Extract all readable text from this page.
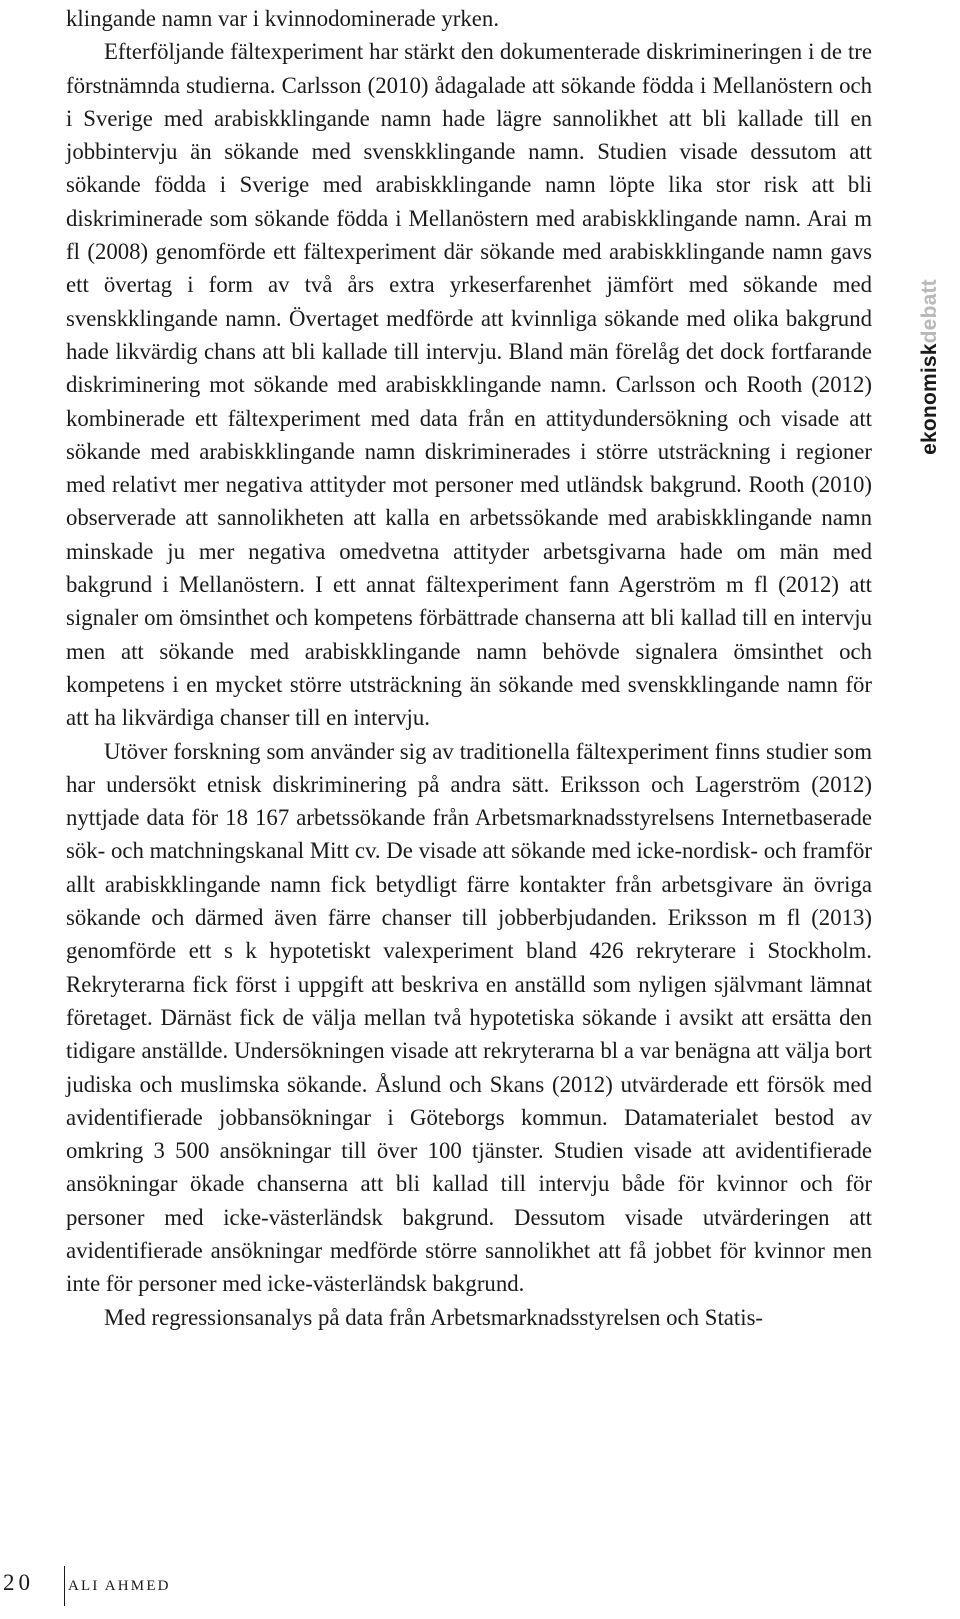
klingande namn var i kvinnodominerade yrken.

Efterföljande fältexperiment har stärkt den dokumenterade diskrimineringen i de tre förstnämnda studierna. Carlsson (2010) ådagalade att sökande födda i Mellanöstern och i Sverige med arabiskklingande namn hade lägre sannolikhet att bli kallade till en jobbintervju än sökande med svenskklingande namn. Studien visade dessutom att sökande födda i Sverige med arabiskklingande namn löpte lika stor risk att bli diskriminerade som sökande födda i Mellanöstern med arabiskklingande namn. Arai m fl (2008) genomförde ett fältexperiment där sökande med arabiskklingande namn gavs ett övertag i form av två års extra yrkeserfarenhet jämfört med sökande med svenskklingande namn. Övertaget medförde att kvinnliga sökande med olika bakgrund hade likvärdig chans att bli kallade till intervju. Bland män förelåg det dock fortfarande diskriminering mot sökande med arabiskklingande namn. Carlsson och Rooth (2012) kombinerade ett fältexperiment med data från en attitydundersökning och visade att sökande med arabiskklingande namn diskriminerades i större utsträckning i regioner med relativt mer negativa attityder mot personer med utländsk bakgrund. Rooth (2010) observerade att sannolikheten att kalla en arbetssökande med arabiskklingande namn minskade ju mer negativa omedvetna attityder arbetsgivarna hade om män med bakgrund i Mellanöstern. I ett annat fältexperiment fann Agerström m fl (2012) att signaler om ömsinthet och kompetens förbättrade chanserna att bli kallad till en intervju men att sökande med arabiskklingande namn behövde signalera ömsinthet och kompetens i en mycket större utsträckning än sökande med svenskklingande namn för att ha likvärdiga chanser till en intervju.

Utöver forskning som använder sig av traditionella fältexperiment finns studier som har undersökt etnisk diskriminering på andra sätt. Eriksson och Lagerström (2012) nyttjade data för 18 167 arbetssökande från Arbetsmarknadsstyrelsens Internetbaserade sök- och matchningskanal Mitt cv. De visade att sökande med icke-nordisk- och framför allt arabiskklingande namn fick betydligt färre kontakter från arbetsgivare än övriga sökande och därmed även färre chanser till jobberbjudanden. Eriksson m fl (2013) genomförde ett s k hypotetiskt valexperiment bland 426 rekryterare i Stockholm. Rekryterarna fick först i uppgift att beskriva en anställd som nyligen självmant lämnat företaget. Därnäst fick de välja mellan två hypotetiska sökande i avsikt att ersätta den tidigare anställde. Undersökningen visade att rekryterarna bl a var benägna att välja bort judiska och muslimska sökande. Åslund och Skans (2012) utvärderade ett försök med avidentifierade jobbansökningar i Göteborgs kommun. Datamaterialet bestod av omkring 3 500 ansökningar till över 100 tjänster. Studien visade att avidentifierade ansökningar ökade chanserna att bli kallad till intervju både för kvinnor och för personer med icke-västerländsk bakgrund. Dessutom visade utvärderingen att avidentifierade ansökningar medförde större sannolikhet att få jobbet för kvinnor men inte för personer med icke-västerländsk bakgrund.

Med regressionsanalys på data från Arbetsmarknadsstyrelsen och Statis-

ekonomiskdebatt
20 ALI AHMED
